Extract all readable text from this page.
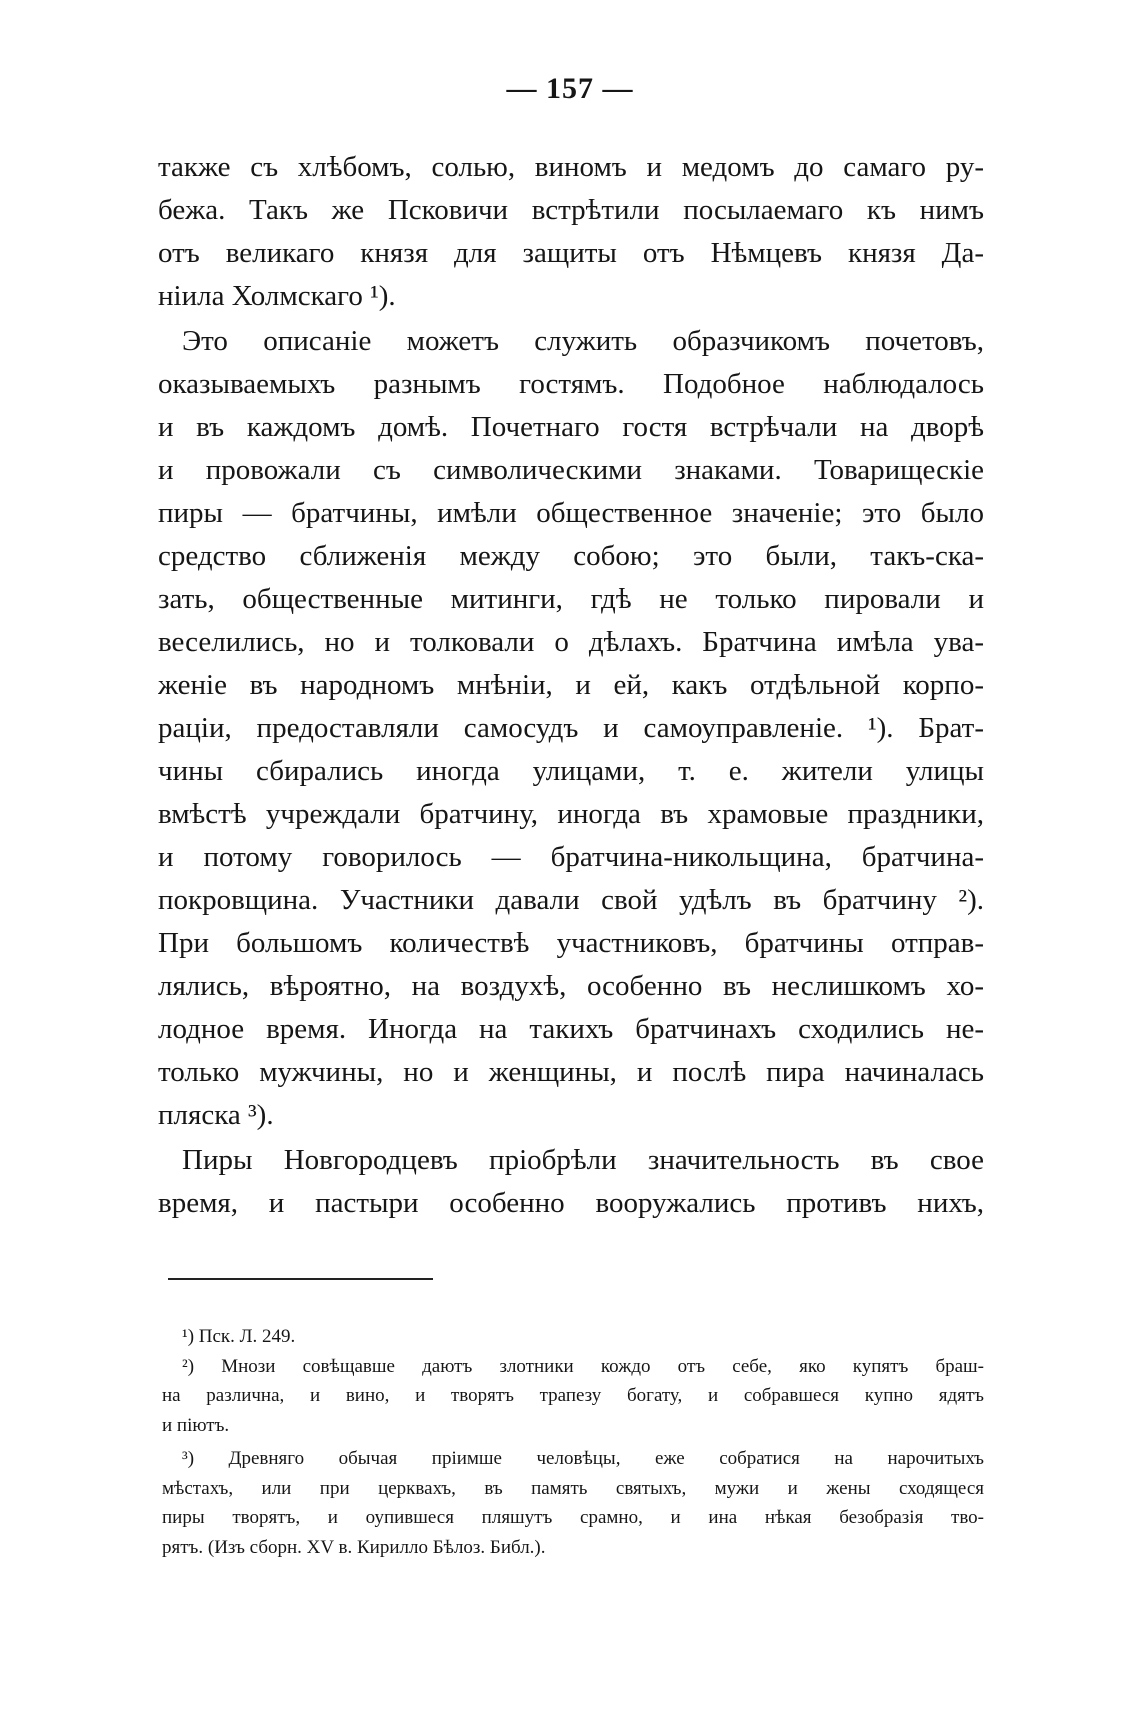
— 157 —
также съ хлѣбомъ, солью, виномъ и медомъ до самаго ру-
бежа. Такъ же Псковичи встрѣтили посылаемаго къ нимъ
отъ великаго князя для защиты отъ Нѣмцевъ князя Да-
нiила Холмскаго ¹).
Это описанiе можетъ служить образчикомъ почетовъ,
оказываемыхъ разнымъ гостямъ. Подобное наблюдалось
и въ каждомъ домѣ. Почетнаго гостя встрѣчали на дворѣ
и провожали съ символическими знаками. Товарищескiе
пиры — братчины, имѣли общественное значенiе; это было
средство сближенiя между собою; это были, такъ-ска-
зать, общественные митинги, гдѣ не только пировали и
веселились, но и толковали о дѣлахъ. Братчина имѣла ува-
женiе въ народномъ мнѣнiи, и ей, какъ отдѣльной корпо-
рацiи, предоставляли самосудъ и самоуправленiе. ¹). Брат-
чины сбирались иногда улицами, т. е. жители улицы
вмѣстѣ учреждали братчину, иногда въ храмовые праздники,
и потому говорилось — братчина-никольщина, братчина-
покровщина. Участники давали свой удѣлъ въ братчину ²).
При большомъ количествѣ участниковъ, братчины отправ-
лялись, вѣроятно, на воздухѣ, особенно въ неслишкомъ хо-
лодное время. Иногда на такихъ братчинахъ сходились не-
только мужчины, но и женщины, и послѣ пира начиналась
пляска ³).
Пиры Новгородцевъ прiобрѣли значительность въ свое
время, и пастыри особенно вооружались противъ нихъ,
¹) Пск. Л. 249.
²) Мнози совѣщавше даютъ злотники кождо отъ себе, яко купятъ браш-
на различна, и вино, и творятъ трапезу богату, и собравшеся купно ядятъ
и пiютъ.
³) Древняго обычая прiимше человѣцы, еже собратися на нарочитыхъ
мѣстахъ, или при церквахъ, въ память святыхъ, мужи и жены сходящеся
пиры творятъ, и оупившеся пляшутъ срамно, и ина нѣкая безобразiя тво-
рятъ. (Изъ сборн. XV в. Кирилло Бѣлоз. Библ.).
